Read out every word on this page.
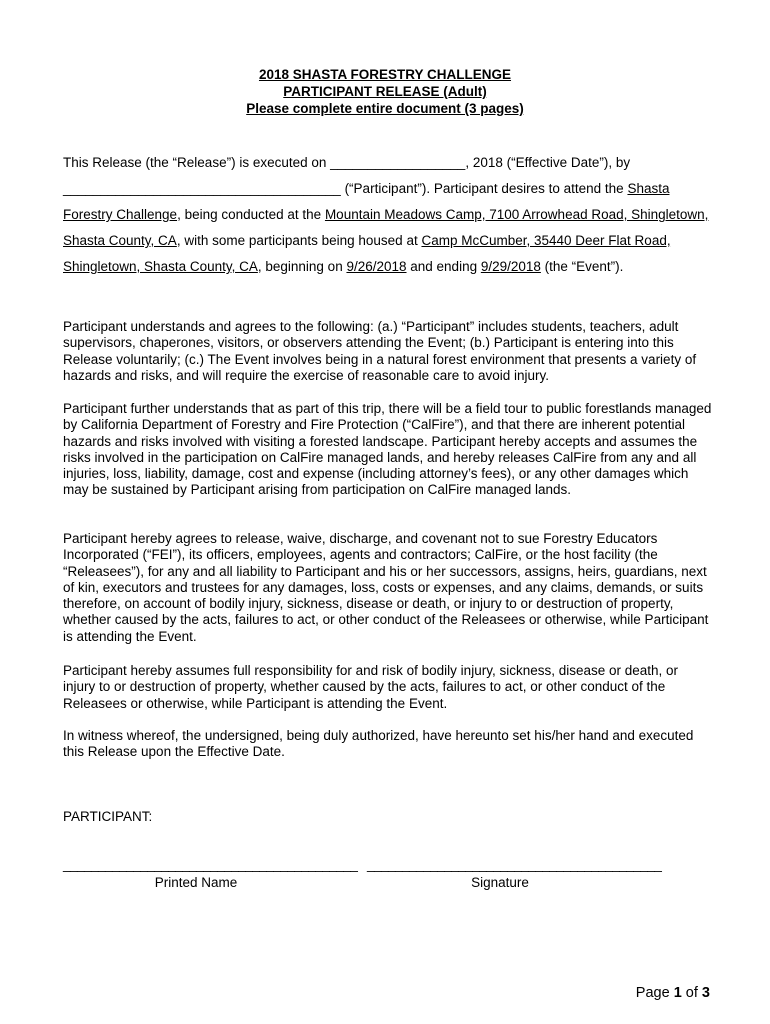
2018 SHASTA FORESTRY CHALLENGE
PARTICIPANT RELEASE (Adult)
Please complete entire document (3 pages)

This Release (the “Release”) is executed on __________________, 2018 (“Effective Date”), by
_____________________________________ (“Participant”). Participant desires to attend the Shasta Forestry Challenge, being conducted at the Mountain Meadows Camp, 7100 Arrowhead Road, Shingletown, Shasta County, CA, with some participants being housed at Camp McCumber, 35440 Deer Flat Road, Shingletown, Shasta County, CA, beginning on 9/26/2018 and ending 9/29/2018 (the “Event”).

Participant understands and agrees to the following: (a.) “Participant” includes students, teachers, adult supervisors, chaperones, visitors, or observers attending the Event; (b.) Participant is entering into this Release voluntarily; (c.) The Event involves being in a natural forest environment that presents a variety of hazards and risks, and will require the exercise of reasonable care to avoid injury.

Participant further understands that as part of this trip, there will be a field tour to public forestlands managed by California Department of Forestry and Fire Protection (“CalFire”), and that there are inherent potential hazards and risks involved with visiting a forested landscape. Participant hereby accepts and assumes the risks involved in the participation on CalFire managed lands, and hereby releases CalFire from any and all injuries, loss, liability, damage, cost and expense (including attorney’s fees), or any other damages which may be sustained by Participant arising from participation on CalFire managed lands.

Participant hereby agrees to release, waive, discharge, and covenant not to sue Forestry Educators Incorporated (“FEI”), its officers, employees, agents and contractors; CalFire, or the host facility (the “Releasees”), for any and all liability to Participant and his or her successors, assigns, heirs, guardians, next of kin, executors and trustees for any damages, loss, costs or expenses, and any claims, demands, or suits therefore, on account of bodily injury, sickness, disease or death, or injury to or destruction of property, whether caused by the acts, failures to act, or other conduct of the Releasees or otherwise, while Participant is attending the Event.

Participant hereby assumes full responsibility for and risk of bodily injury, sickness, disease or death, or injury to or destruction of property, whether caused by the acts, failures to act, or other conduct of the Releasees or otherwise, while Participant is attending the Event.

In witness whereof, the undersigned, being duly authorized, have hereunto set his/her hand and executed this Release upon the Effective Date.

PARTICIPANT:

__________________________________________ __________________________________________

Printed Name	Signature

Page 1 of 3
